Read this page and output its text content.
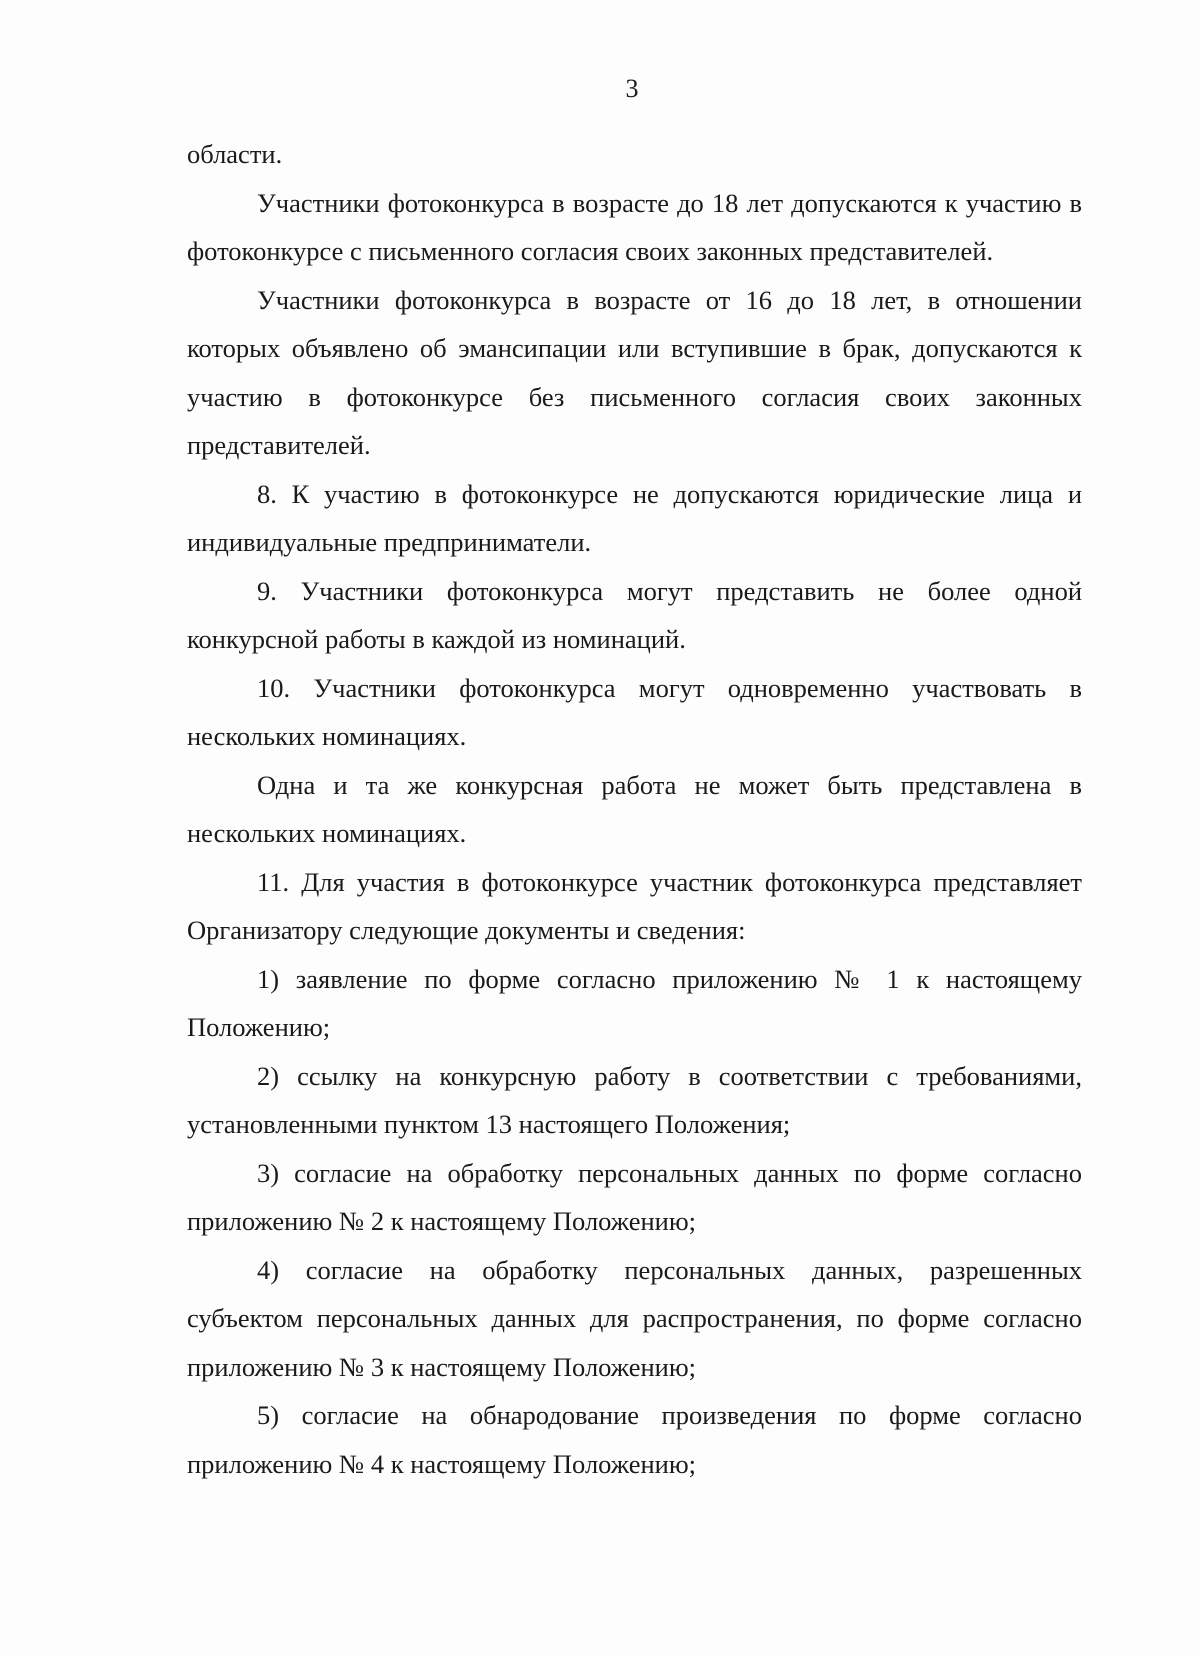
3

области.

Участники фотоконкурса в возрасте до 18 лет допускаются к участию в фотоконкурсе с письменного согласия своих законных представителей.

Участники фотоконкурса в возрасте от 16 до 18 лет, в отношении которых объявлено об эмансипации или вступившие в брак, допускаются к участию в фотоконкурсе без письменного согласия своих законных представителей.

8. К участию в фотоконкурсе не допускаются юридические лица и индивидуальные предприниматели.

9. Участники фотоконкурса могут представить не более одной конкурсной работы в каждой из номинаций.

10. Участники фотоконкурса могут одновременно участвовать в нескольких номинациях.

Одна и та же конкурсная работа не может быть представлена в нескольких номинациях.

11. Для участия в фотоконкурсе участник фотоконкурса представляет Организатору следующие документы и сведения:

1) заявление по форме согласно приложению № 1 к настоящему Положению;

2) ссылку на конкурсную работу в соответствии с требованиями, установленными пунктом 13 настоящего Положения;

3) согласие на обработку персональных данных по форме согласно приложению № 2 к настоящему Положению;

4) согласие на обработку персональных данных, разрешенных субъектом персональных данных для распространения, по форме согласно приложению № 3 к настоящему Положению;

5) согласие на обнародование произведения по форме согласно приложению № 4 к настоящему Положению;
